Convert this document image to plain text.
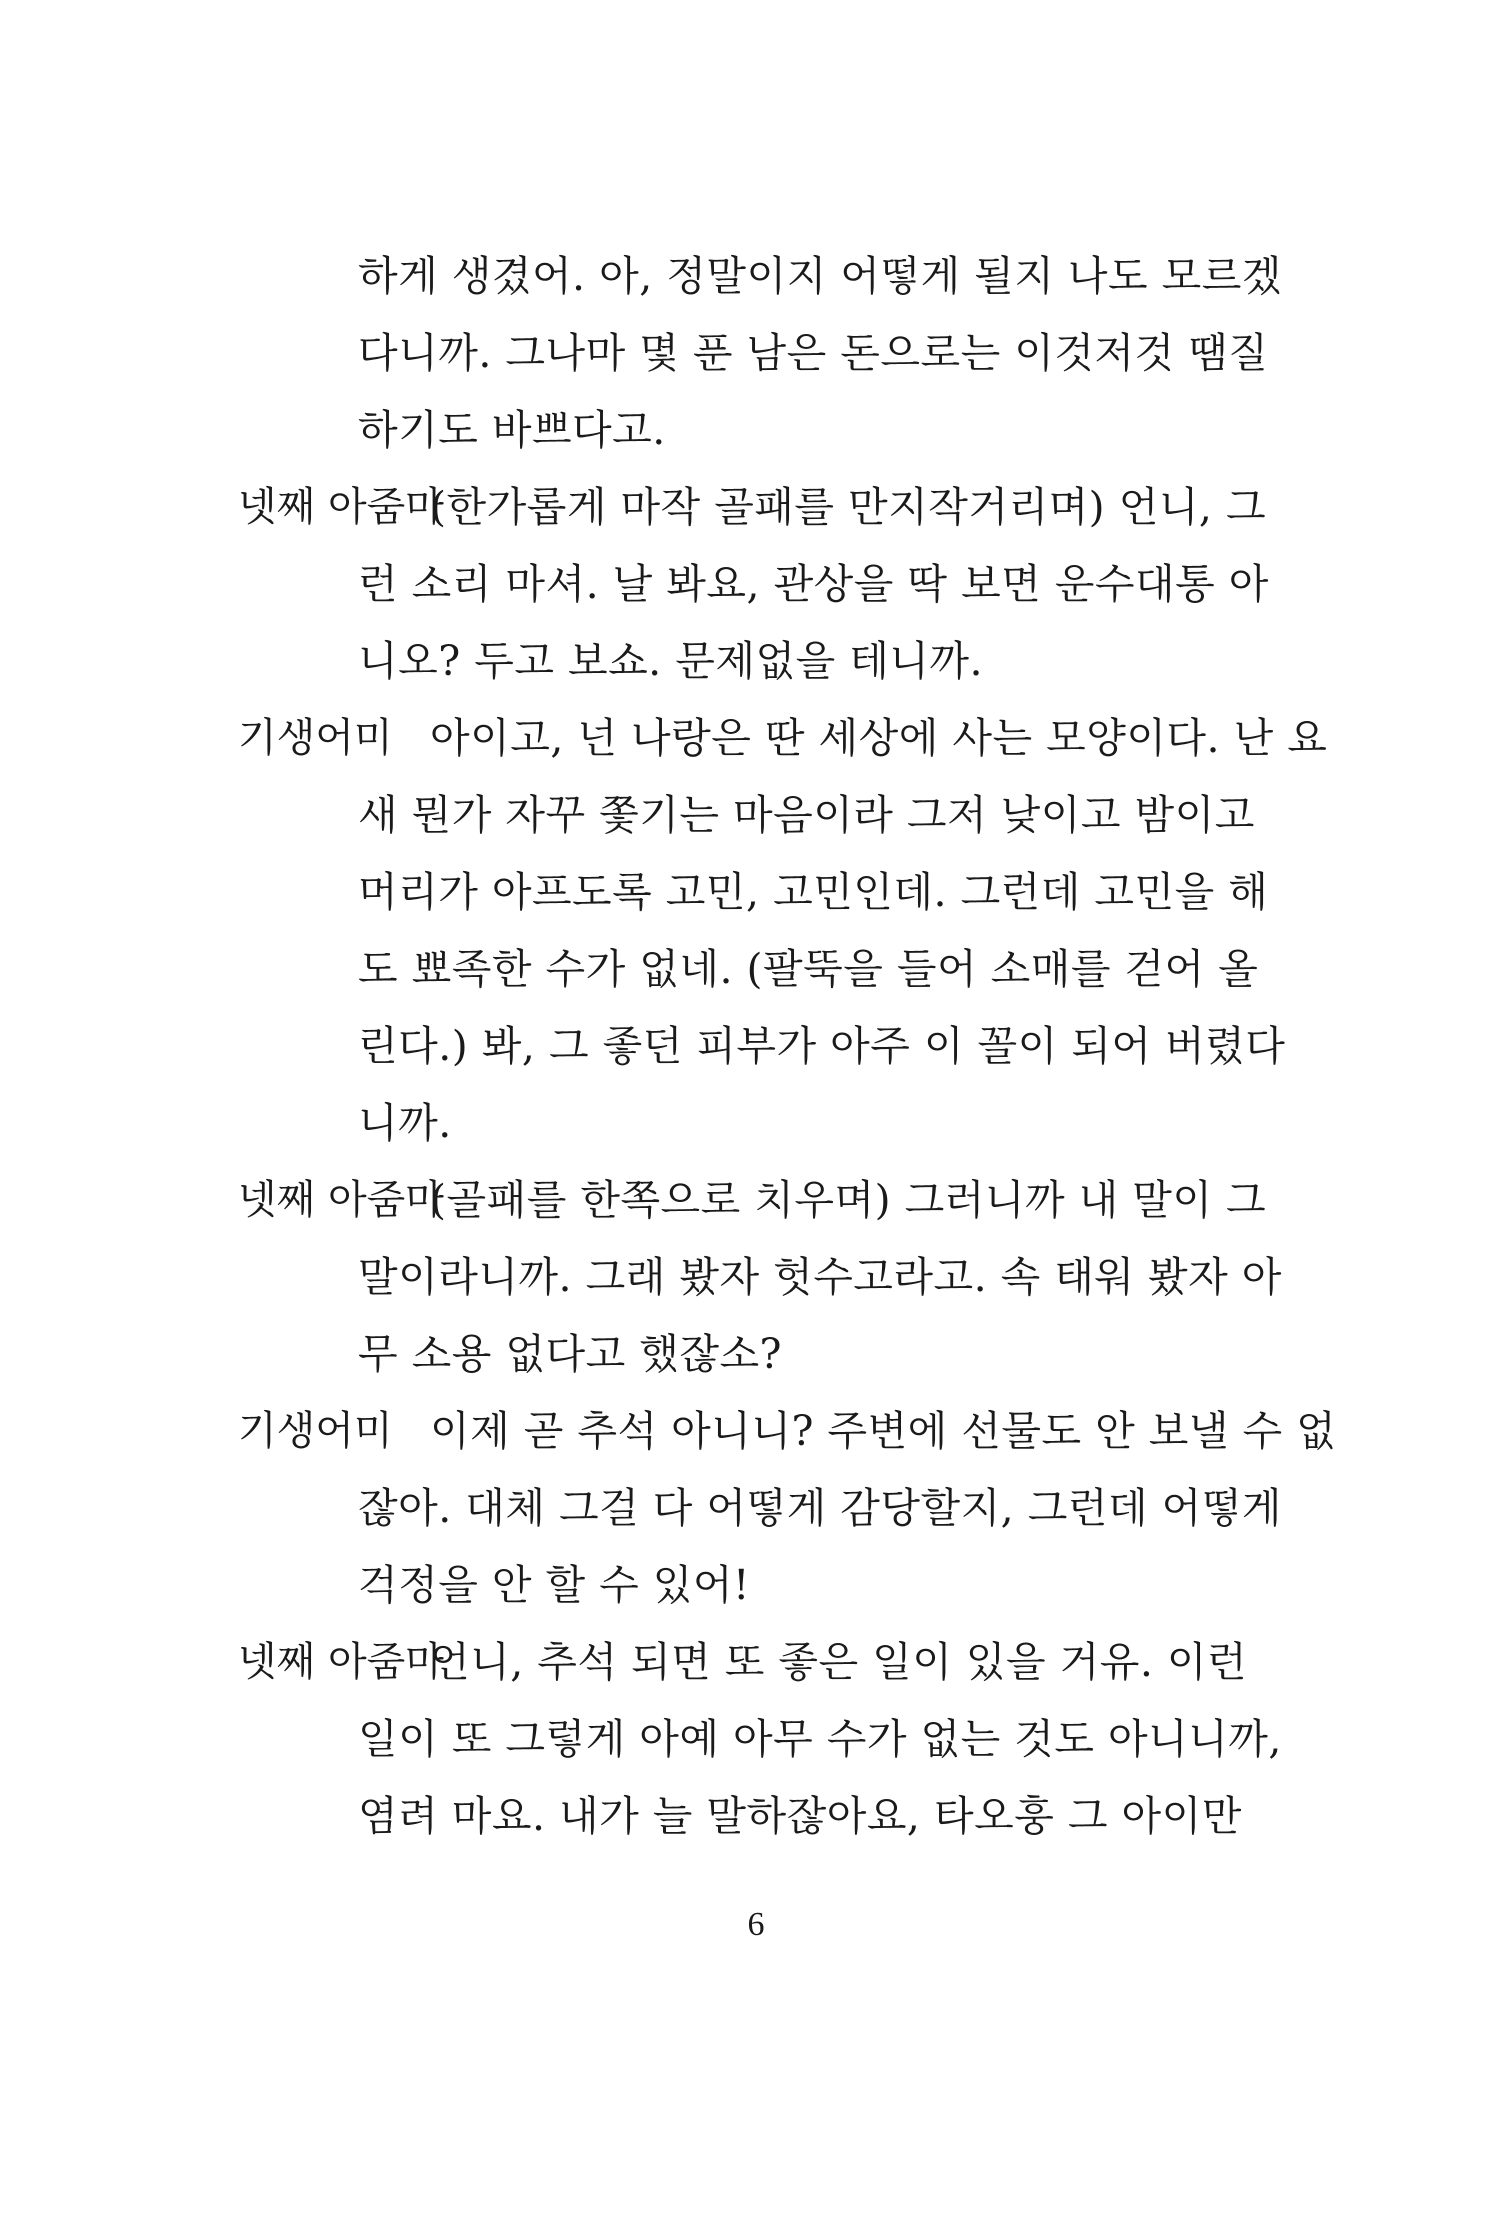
하게 생겼어. 아, 정말이지 어떻게 될지 나도 모르겠
다니까. 그나마 몇 푼 남은 돈으로는 이것저것 땜질
하기도 바쁘다고.
넷째 아줌마
(한가롭게 마작 골패를 만지작거리며) 언니, 그
런 소리 마셔. 날 봐요, 관상을 딱 보면 운수대통 아
니오? 두고 보쇼. 문제없을 테니까.
기생어미 아이고, 넌 나랑은 딴 세상에 사는 모양이다. 난 요
새 뭔가 자꾸 쫓기는 마음이라 그저 낮이고 밤이고
머리가 아프도록 고민, 고민인데. 그런데 고민을 해
도 뾰족한 수가 없네. (팔뚝을 들어 소매를 걷어 올
린다.) 봐, 그 좋던 피부가 아주 이 꼴이 되어 버렸다
니까.
넷째 아줌마
(골패를 한쪽으로 치우며) 그러니까 내 말이 그
말이라니까. 그래 봤자 헛수고라고. 속 태워 봤자 아
무 소용 없다고 했잖소?
기생어미 이제 곧 추석 아니니? 주변에 선물도 안 보낼 수 없
잖아. 대체 그걸 다 어떻게 감당할지, 그런데 어떻게
걱정을 안 할 수 있어!
넷째 아줌마
언니, 추석 되면 또 좋은 일이 있을 거유. 이런
일이 또 그렇게 아예 아무 수가 없는 것도 아니니까,
염려 마요. 내가 늘 말하잖아요, 타오훙 그 아이만
6
